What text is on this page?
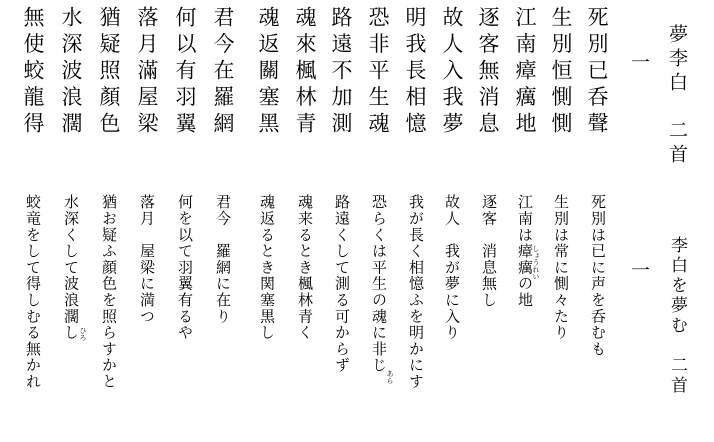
夢李白　二首
一
李白を夢む　二首
一
死別已呑聲
生別恒惻惻
江南瘴癘地
逐客無消息
故人入我夢
明我長相憶
恐非平生魂
路遠不加測
魂來楓林青
魂返關塞黑
君今在羅網
何以有羽翼
落月滿屋梁
猶疑照顏色
水深波浪濶
無使蛟龍得
死別は已に声を呑むも
生別は常に惻々たり
江南は瘴癘の地
逐客　消息無し
故人　我が夢に入り
我が長く相憶ふを明かにす
恐らくは平生の魂に非じ
路遠くして測る可からず
魂来るとき楓林青く
魂返るとき関塞黒し
君今　羅網に在り
何を以て羽翼有るや
落月　屋梁に満つ
猶お疑ふ顔色を照らすかと
水深くして波浪濶し
蛟竜をして得しむる無かれ	しょうれい
あら
ひろ
